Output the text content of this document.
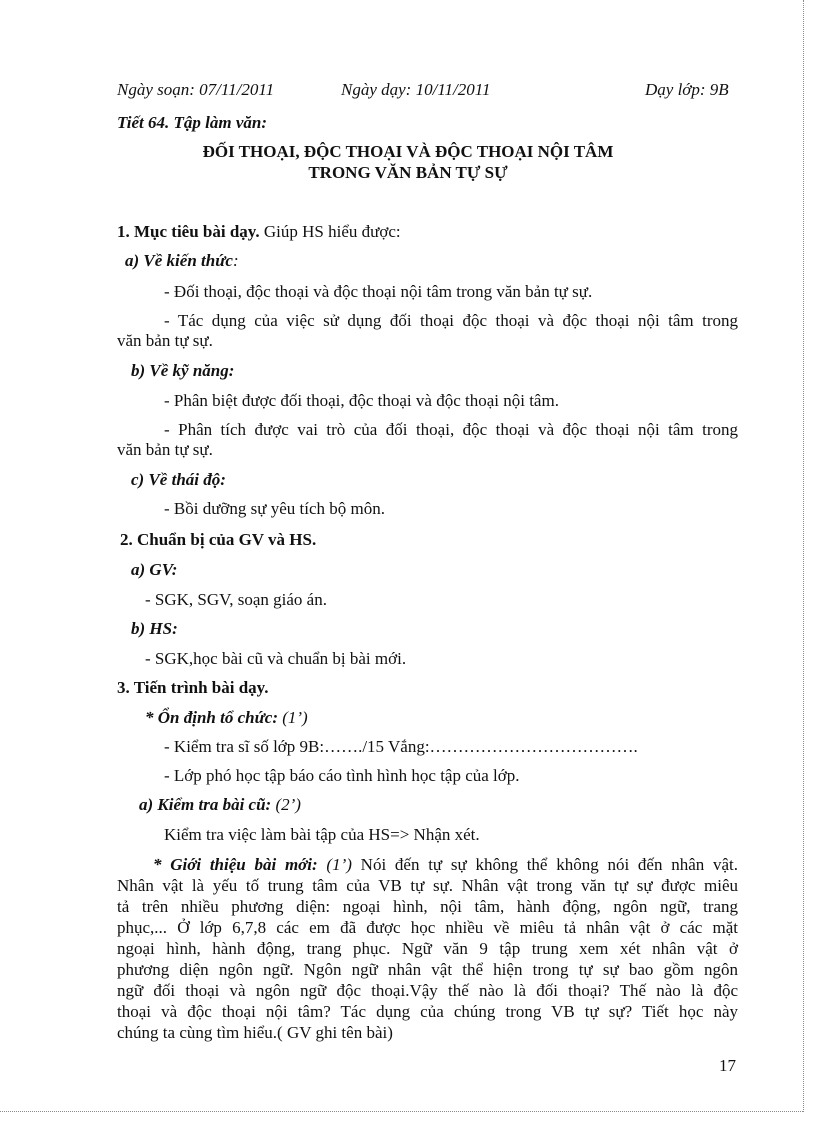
Ngày soạn: 07/11/2011	Ngày dạy: 10/11/2011	Dạy lớp: 9B
Tiết 64. Tập làm văn:
ĐỐI THOẠI, ĐỘC THOẠI VÀ ĐỘC THOẠI NỘI TÂM
TRONG VĂN BẢN TỰ SỰ
1. Mục tiêu bài dạy. Giúp HS hiểu được:
a) Về kiến thức:
- Đối thoại, độc thoại và độc thoại nội tâm trong văn bản tự sự.
- Tác dụng của việc sử dụng đối thoại độc thoại và độc thoại nội tâm trong
văn bản tự sự.
b) Về kỹ năng:
- Phân biệt được đối thoại, độc thoại và độc thoại nội tâm.
- Phân tích được vai trò của đối thoại, độc thoại và độc thoại nội tâm trong
văn bản tự sự.
c) Về thái độ:
- Bồi dưỡng sự yêu tích bộ môn.
2. Chuẩn bị của GV và HS.
a) GV:
- SGK, SGV, soạn giáo án.
b) HS:
- SGK,học bài cũ và chuẩn bị bài mới.
3. Tiến trình bài dạy.
* Ổn định tổ chức: (1’)
- Kiểm tra sĩ số lớp 9B:……./15 Vắng:……………………………….
- Lớp phó học tập báo cáo tình hình học tập của lớp.
a) Kiểm tra bài cũ: (2’)
Kiểm tra việc làm bài tập của HS=> Nhận xét.
* Giới thiệu bài mới: (1’) Nói đến tự sự không thể không nói đến nhân vật.
Nhân vật là yếu tố trung tâm của VB tự sự. Nhân vật trong văn tự sự được miêu
tả trên nhiều phương diện: ngoại hình, nội tâm, hành động, ngôn ngữ, trang
phục,... Ở lớp 6,7,8 các em đã được học nhiều về miêu tả nhân vật ở các mặt
ngoại hình, hành động, trang phục. Ngữ văn 9 tập trung xem xét nhân vật ở
phương diện ngôn ngữ. Ngôn ngữ nhân vật thể hiện trong tự sự bao gồm ngôn
ngữ đối thoại và ngôn ngữ độc thoại.Vậy thế nào là đối thoại? Thế nào là độc
thoại và độc thoại nội tâm? Tác dụng của chúng trong VB tự sự? Tiết học này
chúng ta cùng tìm hiểu.( GV ghi tên bài)
17
